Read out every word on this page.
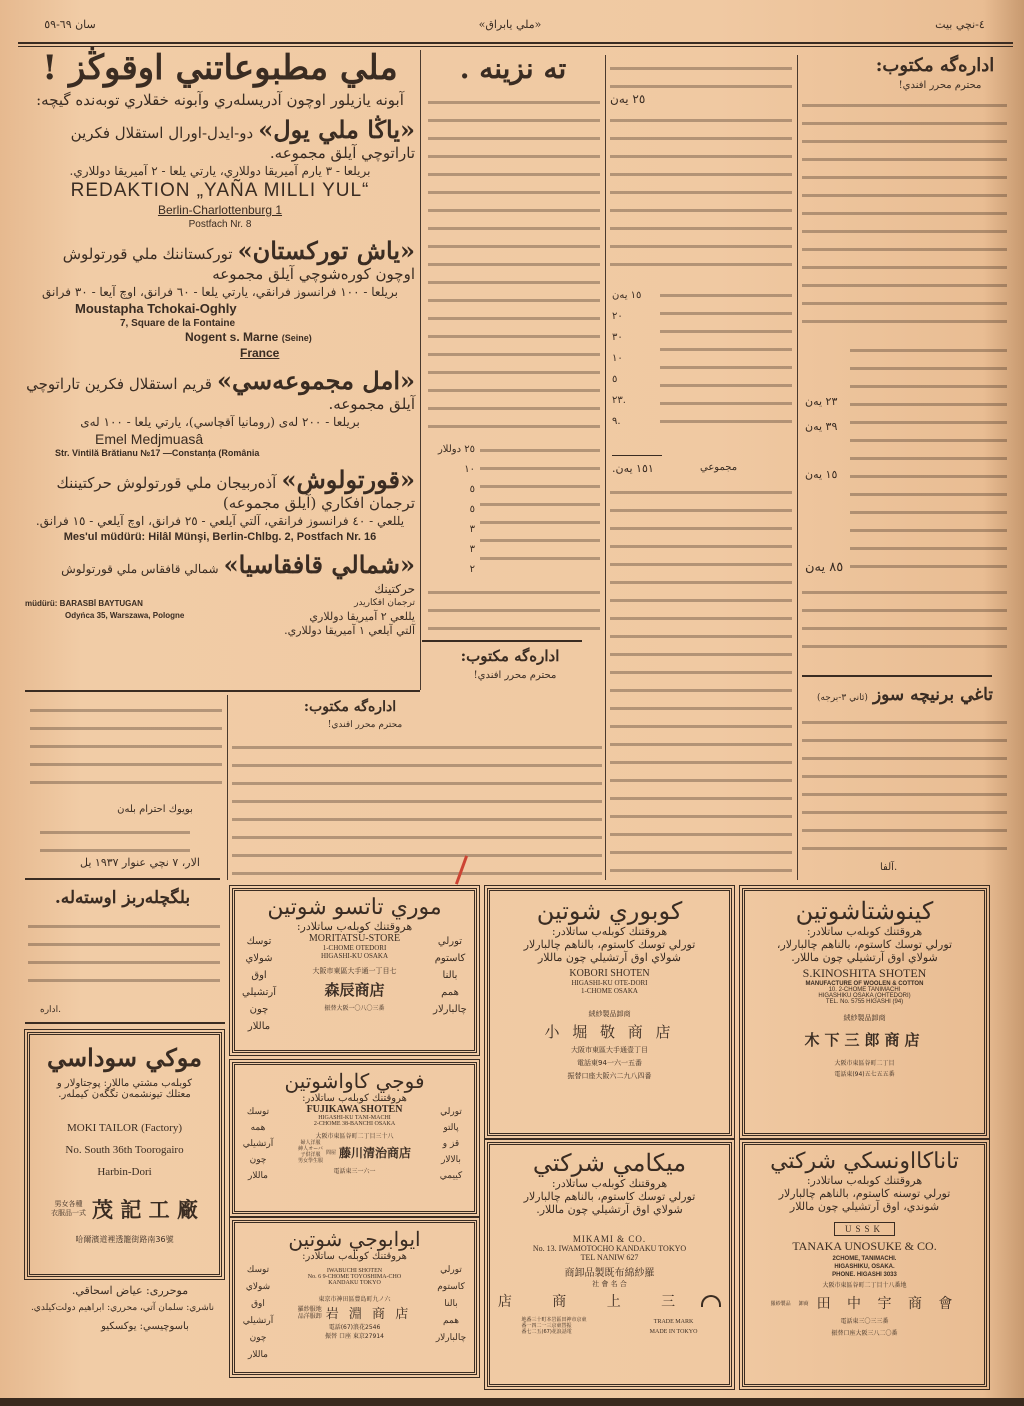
سان ٦٩-٥٩	«ملي يابراق»	٤-نچي بيت
ملي مطبوعاتني اوقوڭز !
آبونه يازيلور اوچون آدريسله‌ري وآبونه خقلاري توبه‌نده گيچه:
«ياڭا ملي يول» دو-ايدل-اورال استقلال فكرين تاراتوچي آيلق مجموعه.
بريلعا - ٣ يارم آميريقا دوللاري، يارتي يلعا - ٢ آميريقا دوللاري.
REDAKTION „YAÑA MILLI YUL“
Berlin-Charlottenburg 1
Postfach Nr. 8
«ياش توركستان» توركستاننك ملي قورتولوش اوچون كوره‌شوچي آيلق مجموعه
بريلعا - ١٠٠ فرانسوز فرانقي، يارتي يلعا - ٦٠ فرانق، اوچ آيعا - ٣٠ فرانق
Moustapha Tchokai-Oghly
7, Square de la Fontaine
Nogent s. Marne (Seine)
France
«امل مجموعه‌سي» قريم استقلال فكرين تاراتوچي آيلق مجموعه.
بريلعا - ٢٠٠ له‌ى (رومانيا آقچاسي)، يارتي يلعا - ١٠٠ له‌ى
Emel Medjmuasâ
Str. Vintilă Brătianu №17 —Constanța (România
«قورتولوش» آذه‌ربيجان ملي قورتولوش حركتيننك ترجمان افكاري (آيلق مجموعه)
يللعي - ٤٠ فرانسوز فرانقي، آلتي آيلعي - ٢٥ فرانق، اوچ آيلعي - ١٥ فرانق.
Mes'ul müdürü: Hilâl Münşi, Berlin-Chlbg. 2, Postfach Nr. 16
«شمالي قافقاسيا» شمالي قافقاس ملي قورتولوش حركتينك
müdürü: BARASBİ BAYTUGAN
Odyńca 35, Warszawa, Pologne
ترجمان افكاريدر
يللعي ٢ آميريقا دوللاري
آلتي آيلعي ١ آميريقا دوللاري.
ته نزينه .
٢٥ دوللار
١٠
٥
٥
٣
٣
٢
اداره‌گه مكتوب:
محترم محرر افندي!
٢٥ يەن
١٥ يەن
٢٠
٣٠
١٠
٥
٢٣.
٩.
١٥١ يەن.	مجموعي
اداره‌گه مكتوب:
محترم محرر افندي!
٢٣ يەن
٣٩ يەن
١٥ يەن
٨٥ يەن
تاغي برنيچه سوز (ئاني ٣-برجه)
آلفا.
بويوك احترام بلەن
الار، ٧ نچي عنوار ١٩٣٧ يل
اداره‌گه مكتوب:
محترم محرر افندي!
بلگچله‌ربز اوسته‌له.
اداره.
موكي سوداسي
كوبله‌ب مشتي ماللار: پوجتاولار و
معتلك تيونشمه‌ن تگگه‌ن كيمله‌ر.
MOKI TAILOR (Factory)
No. South 36th Toorogairo
Harbin-Dori
男女各種
衣服品一式 茂 記 工 廠
哈爾濱道裡透籠街路南36號
موحررى: عياض اسحاقي.
ناشري: سلمان آتي، محرري: ابراهيم دولت‌كيلدي.
باسوچيسي: يوكسكيو
موري تاتسو شوتين
هروقتنك كوبله‌ب ساتلادر:
توسك
شولاي اوق
آرتشيلي
چون
ماللار
MORITATSU-STORE
1-CHOME OTEDORI
HIGASHI-KU OSAKA
大阪市東區大手通一丁目七
森辰商店
振替大阪一〇八〇三番
تورلي
كاستوم
بالنا
همم
چالبارلار
كوبوري شوتين
هروقتنك كوبله‌ب ساتلادر:
تورلي توسك كاستوم، بالناهم چالبارلار
شولاي اوق آرتشيلي چون ماللار
KOBORI SHOTEN
HIGASHI-KU OTE-DORI
1-CHOME OSAKA
絨紗製品卸商
小 堀 敬 商 店
大阪市東區大手通壹丁目
電話東94一六一五番
振替口座大阪六二九八四番
كينوشتاشوتين
هروقتنك كوبله‌ب ساتلادر:
تورلي توسك كاستوم، بالناهم چالبارلار،
شولاي اوق آرتشيلي چون ماللار.
S.KINOSHITA SHOTEN
MANUFACTURE OF WOOLEN & COTTON
10. 2-CHOME TANIMACHI
HIGASHIKU OSAKA (OHTEDORI)
TEL. No. 5755 HIGASHI (94)
絨紗製品卸商
木下三郎商店
大阪市東區谷町二丁目
電話東(94)五七五五番
فوجي كاواشوتين
هروقتنك كوبله‌ب ساتلادر:
توسك
همه
آرتشيلي
چون
ماللار
FUJIKAWA SHOTEN
HIGASHI-KU TANI-MACHI
2-CHOME 38-BANCHI OSAKA
大阪市東區谷町二丁目三十八
婦人洋服
紳人オーバ
子供洋服
男女學生服
問屋 藤川清治商店
電話東三一六一
تورلي
پالتو
قز و
بالالار
كييمي
ايوابوجي شوتين
هروقتنك كوبله‌ب ساتلادر:
توسك
شولاي اوق
آرتشيلي
چون
ماللار
IWABUCHI SHOTEN
No. 6 9-CHOME TOYOSHIMA-CHO
KANDAKU TOKYO
東京市神田區豊島町九ノ六
羅紗服地
品洋服卸 岩 淵 商 店
電話(67)浪花2546
振替 口座 東京27914
تورلي
كاستوم
بالنا
همم
چالبارلار
ميكامي شركتي
هروقتنك كوبله‌ب ساتلادر:
تورلي توسك كاستوم، بالناهم چالبارلار
شولاي اوق آرتشيلي چون ماللار.
MIKAMI & CO.
No. 13. IWAMOTOCHO KANDAKU TOKYO
TEL NANIW 627
商卸品製既布綿紗羅
社 會 名 合
店 商 上 三
地番三十町本岩區田神市京東
番一四二一三京東替振
番七二五(67)花浪話電
TRADE MARK
MADE IN TOKYO
تاناكااونسكي شركتي
هروقتنك كوبله‌ب ساتلادر:
تورلي توسنه كاستوم، بالناهم چالبارلار
شوندي، اوق آرتشيلي چون ماللار
USSK
TANAKA UNOSUKE & CO.
2CHOME, TANIMACHI.
HIGASHIKU, OSAKA.
PHONE. HIGASHI 3033
大阪市東區谷町二丁目十八番地
羅紗製品 卸商 田 中 宇 商 會
電話東三〇三三番
振替口座大阪三八二〇番
